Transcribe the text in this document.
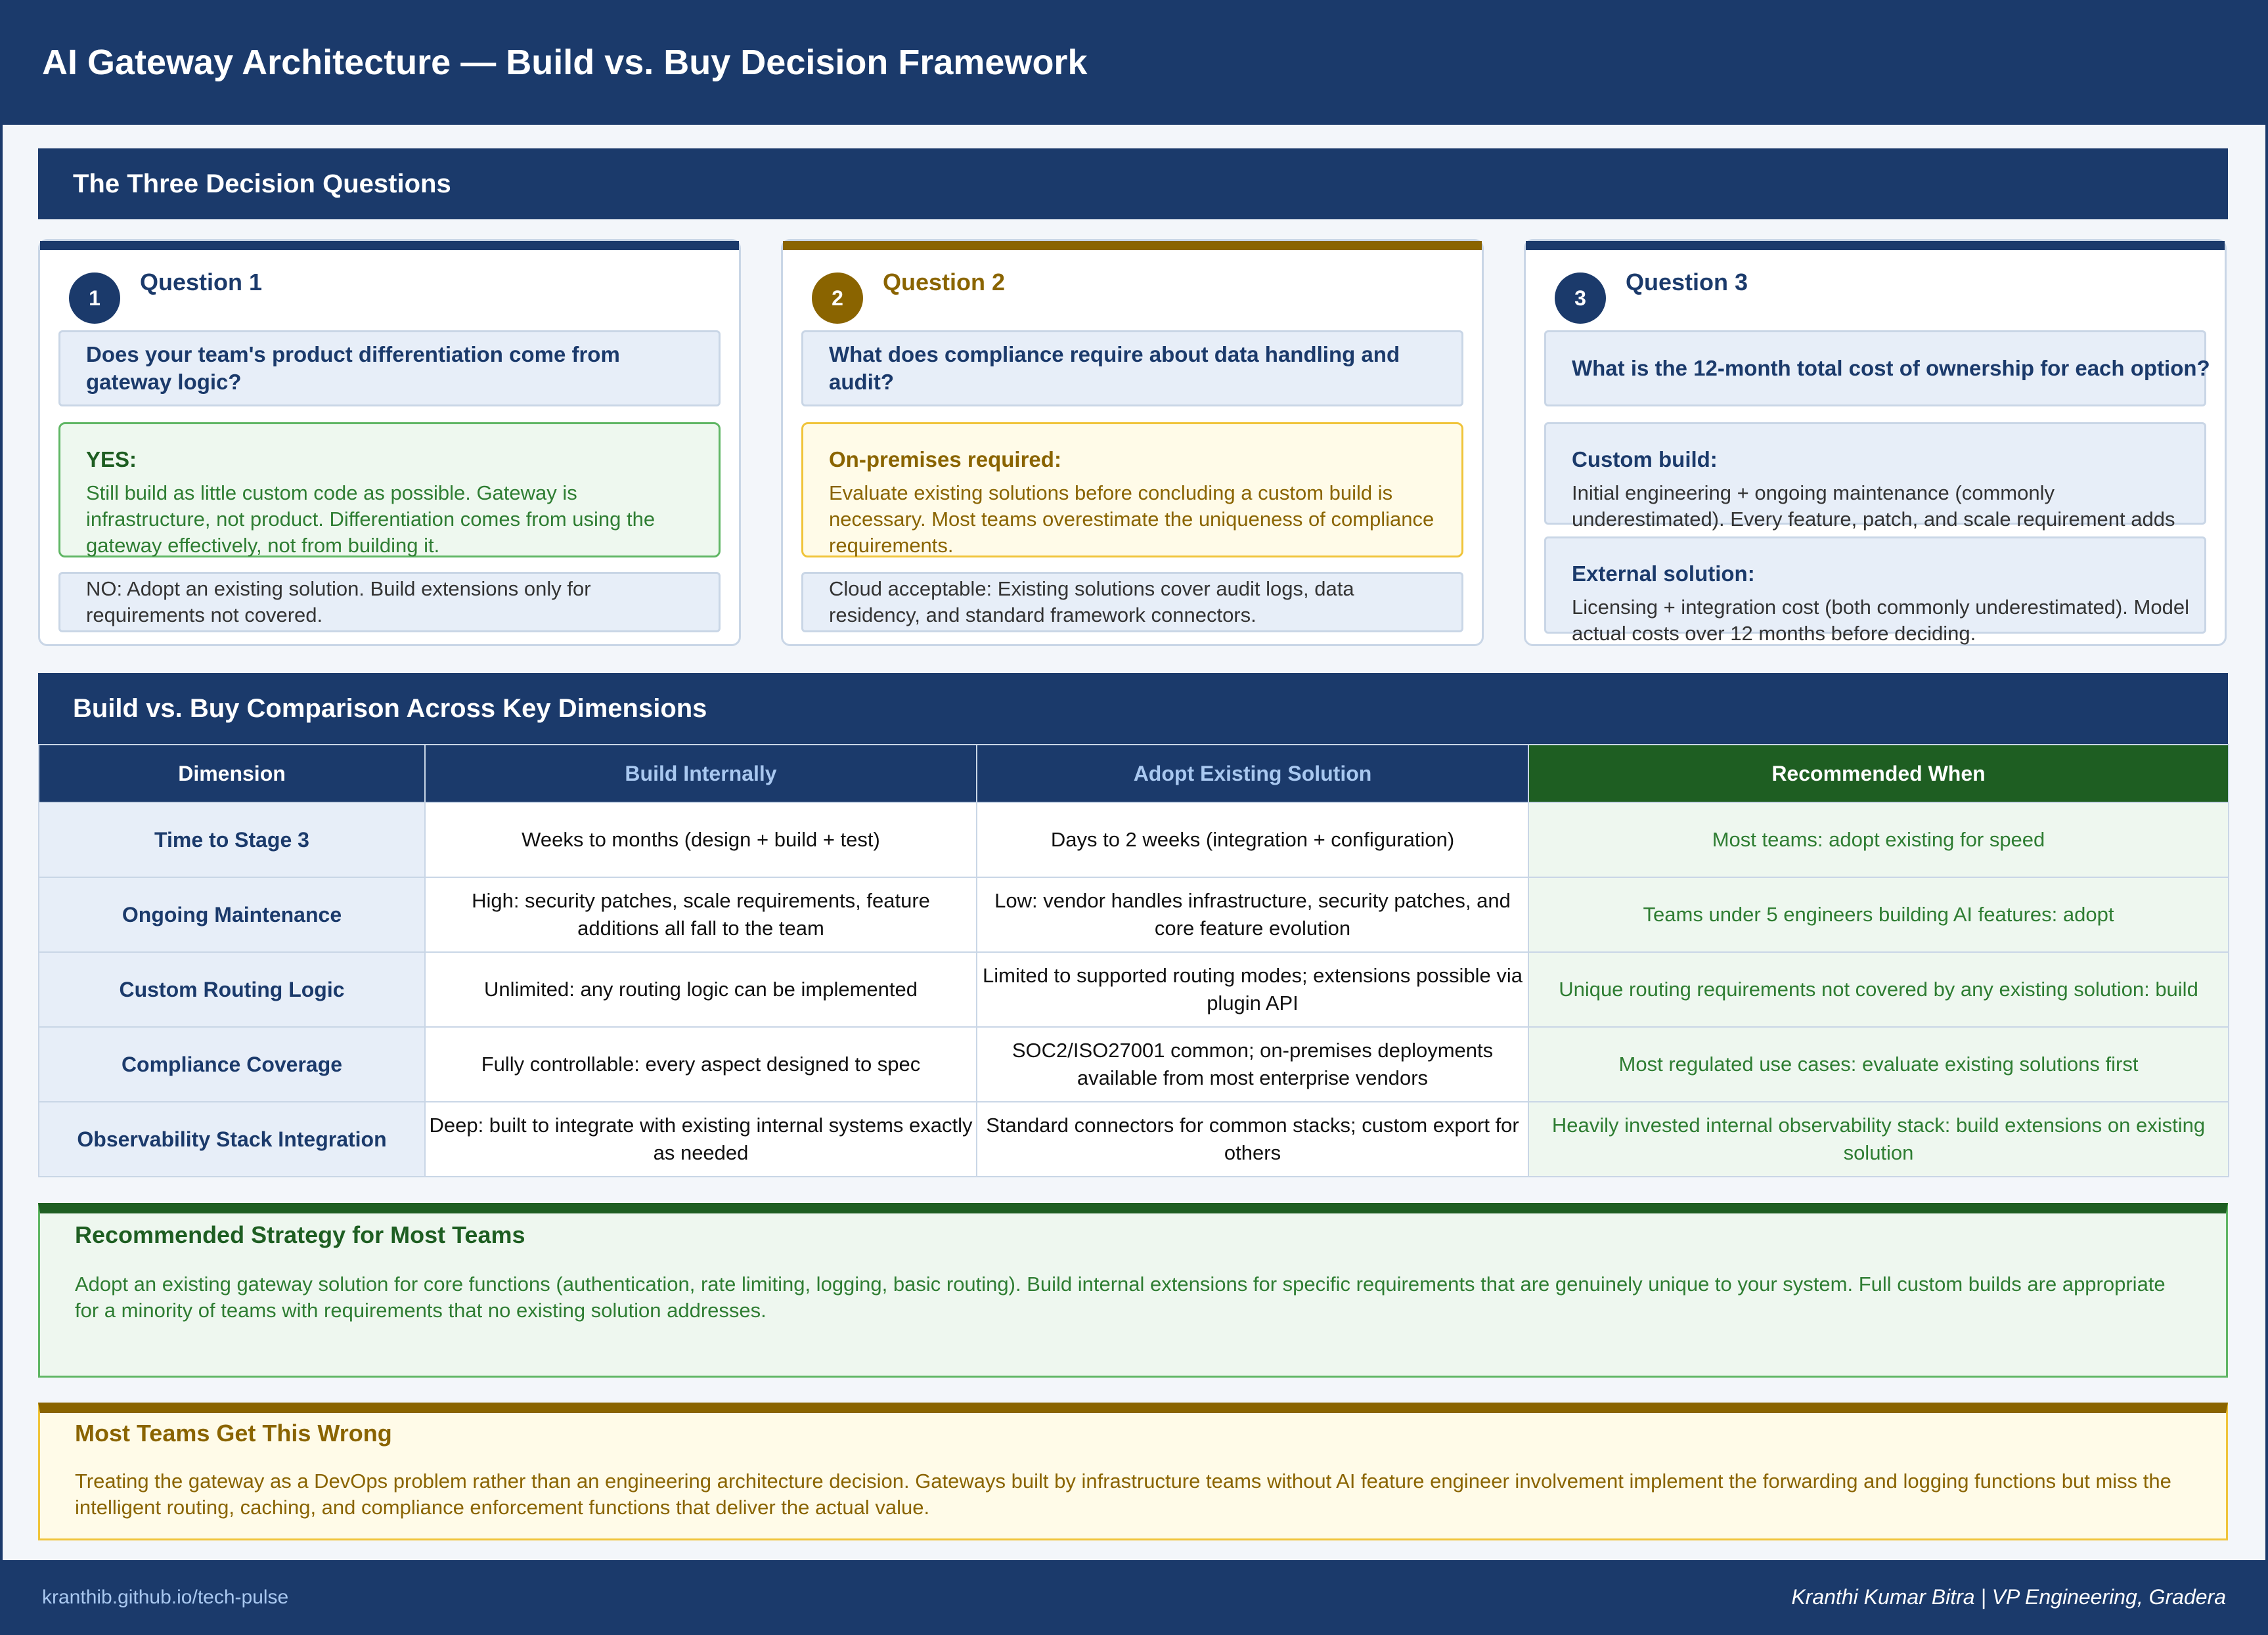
AI Gateway Architecture — Build vs. Buy Decision Framework
The Three Decision Questions
1
Question 1
Does your team's product differentiation come from gateway logic?
YES:
Still build as little custom code as possible. Gateway is infrastructure, not product. Differentiation comes from using the gateway effectively, not from building it.
NO: Adopt an existing solution. Build extensions only for requirements not covered.
2
Question 2
What does compliance require about data handling and audit?
On-premises required:
Evaluate existing solutions before concluding a custom build is necessary. Most teams overestimate the uniqueness of compliance requirements.
Cloud acceptable: Existing solutions cover audit logs, data residency, and standard framework connectors.
3
Question 3
What is the 12-month total cost of ownership for each option?
Custom build:
Initial engineering + ongoing maintenance (commonly underestimated). Every feature, patch, and scale requirement adds
External solution:
Licensing + integration cost (both commonly underestimated). Model actual costs over 12 months before deciding.
Build vs. Buy Comparison Across Key Dimensions
Dimension	Build Internally	Adopt Existing Solution	Recommended When
Time to Stage 3	Weeks to months (design + build + test)	Days to 2 weeks (integration + configuration)	Most teams: adopt existing for speed
Ongoing Maintenance	High: security patches, scale requirements, feature additions all fall to the team	Low: vendor handles infrastructure, security patches, and core feature evolution	Teams under 5 engineers building AI features: adopt
Custom Routing Logic	Unlimited: any routing logic can be implemented	Limited to supported routing modes; extensions possible via plugin API	Unique routing requirements not covered by any existing solution: build
Compliance Coverage	Fully controllable: every aspect designed to spec	SOC2/ISO27001 common; on-premises deployments available from most enterprise vendors	Most regulated use cases: evaluate existing solutions first
Observability Stack Integration	Deep: built to integrate with existing internal systems exactly as needed	Standard connectors for common stacks; custom export for others	Heavily invested internal observability stack: build extensions on existing solution
Recommended Strategy for Most Teams
Adopt an existing gateway solution for core functions (authentication, rate limiting, logging, basic routing). Build internal extensions for specific requirements that are genuinely unique to your system. Full custom builds are appropriate for a minority of teams with requirements that no existing solution addresses.
Most Teams Get This Wrong
Treating the gateway as a DevOps problem rather than an engineering architecture decision. Gateways built by infrastructure teams without AI feature engineer involvement implement the forwarding and logging functions but miss the intelligent routing, caching, and compliance enforcement functions that deliver the actual value.
kranthib.github.io/tech-pulse	Kranthi Kumar Bitra | VP Engineering, Gradera
